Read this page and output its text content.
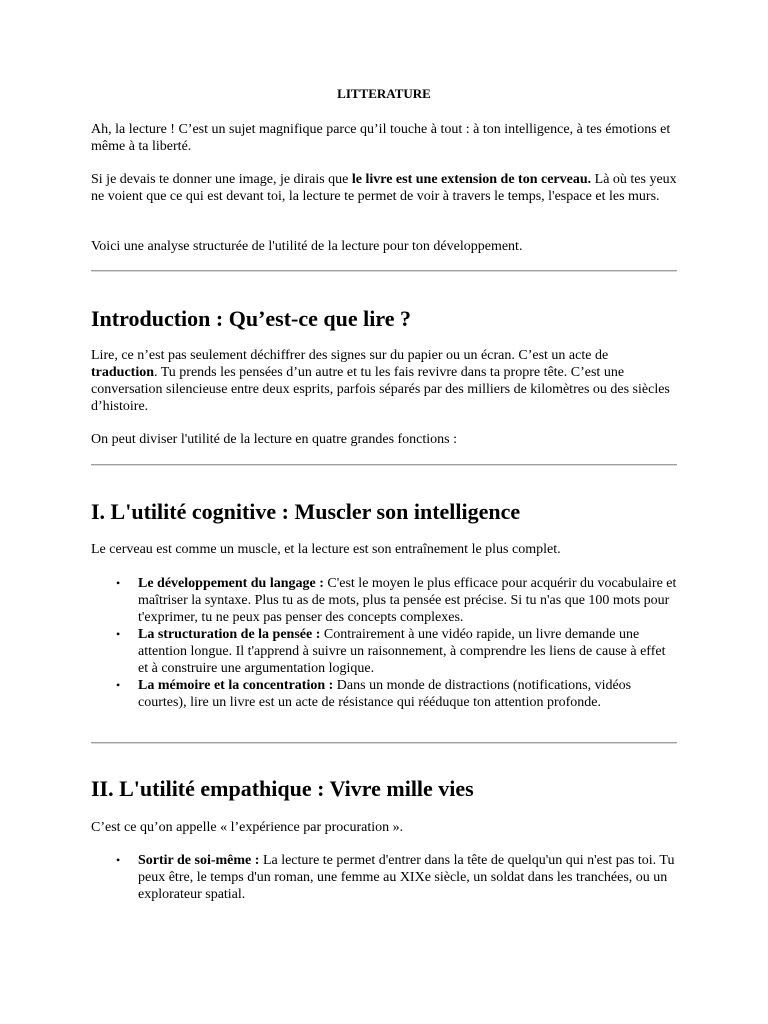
LITTERATURE

Ah, la lecture ! C’est un sujet magnifique parce qu’il touche à tout : à ton intelligence, à tes émotions et même à ta liberté.

Si je devais te donner une image, je dirais que le livre est une extension de ton cerveau. Là où tes yeux ne voient que ce qui est devant toi, la lecture te permet de voir à travers le temps, l'espace et les murs.

Voici une analyse structurée de l'utilité de la lecture pour ton développement.

Introduction : Qu’est-ce que lire ?

Lire, ce n’est pas seulement déchiffrer des signes sur du papier ou un écran. C’est un acte de traduction. Tu prends les pensées d’un autre et tu les fais revivre dans ta propre tête. C’est une conversation silencieuse entre deux esprits, parfois séparés par des milliers de kilomètres ou des siècles d’histoire.

On peut diviser l'utilité de la lecture en quatre grandes fonctions :

I. L'utilité cognitive : Muscler son intelligence

Le cerveau est comme un muscle, et la lecture est son entraînement le plus complet.

• Le développement du langage : C'est le moyen le plus efficace pour acquérir du vocabulaire et maîtriser la syntaxe. Plus tu as de mots, plus ta pensée est précise. Si tu n'as que 100 mots pour t'exprimer, tu ne peux pas penser des concepts complexes.
• La structuration de la pensée : Contrairement à une vidéo rapide, un livre demande une attention longue. Il t'apprend à suivre un raisonnement, à comprendre les liens de cause à effet et à construire une argumentation logique.
• La mémoire et la concentration : Dans un monde de distractions (notifications, vidéos courtes), lire un livre est un acte de résistance qui rééduque ton attention profonde.
II. L'utilité empathique : Vivre mille vies

C’est ce qu’on appelle « l’expérience par procuration ».

• Sortir de soi-même : La lecture te permet d'entrer dans la tête de quelqu'un qui n'est pas toi. Tu peux être, le temps d'un roman, une femme au XIXe siècle, un soldat dans les tranchées, ou un explorateur spatial.
